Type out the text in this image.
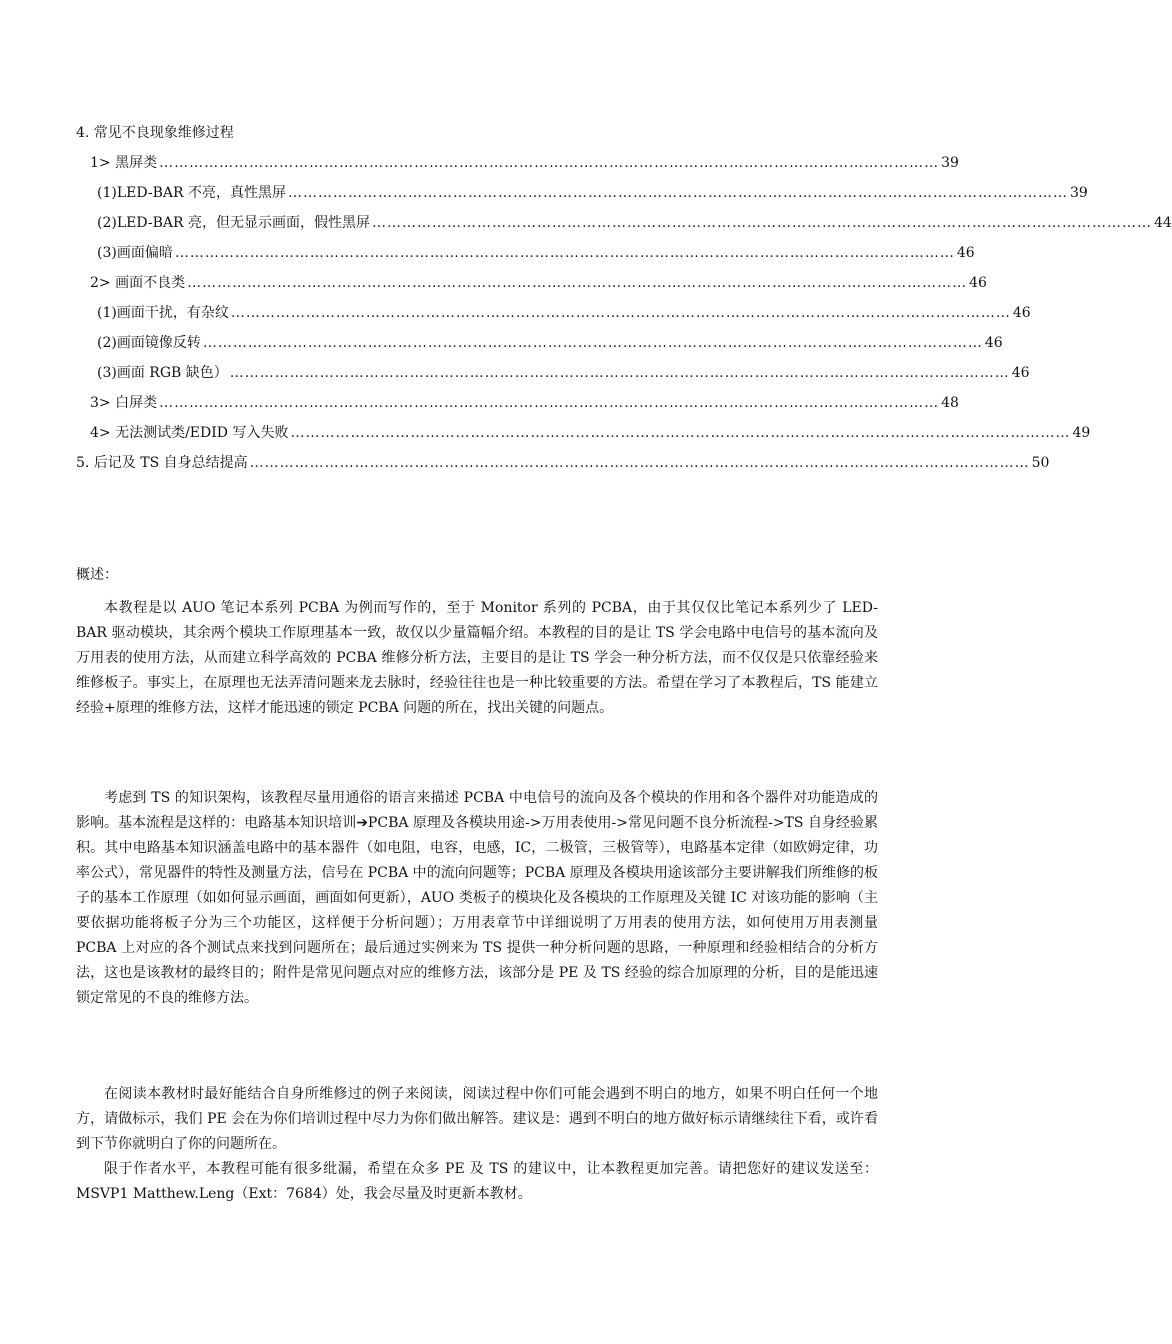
4. 常见不良现象维修过程
1> 黑屏类 ………………………………………………………………………………………………………………………………………… 39
(1)LED-BAR 不亮，真性黑屏 ………………………………………………………………………………………………………………………………………… 39
(2)LED-BAR 亮，但无显示画面，假性黑屏 ………………………………………………………………………………………………………………………………………… 44
(3)画面偏暗 ………………………………………………………………………………………………………………………………………… 46
2> 画面不良类 ………………………………………………………………………………………………………………………………………… 46
(1)画面干扰，有杂纹 ………………………………………………………………………………………………………………………………………… 46
(2)画面镜像反转 ………………………………………………………………………………………………………………………………………… 46
(3)画面 RGB 缺色） ………………………………………………………………………………………………………………………………………… 46
3> 白屏类 ………………………………………………………………………………………………………………………………………… 48
4> 无法测试类/EDID 写入失败 ………………………………………………………………………………………………………………………………………… 49
5. 后记及 TS 自身总结提高 ………………………………………………………………………………………………………………………………………… 50
概述：

本教程是以 AUO 笔记本系列 PCBA 为例而写作的，至于 Monitor 系列的 PCBA，由于其仅仅比笔记本系列少了 LED-BAR 驱动模块，其余两个模块工作原理基本一致，故仅以少量篇幅介绍。本教程的目的是让 TS 学会电路中电信号的基本流向及万用表的使用方法，从而建立科学高效的 PCBA 维修分析方法，主要目的是让 TS 学会一种分析方法，而不仅仅是只依靠经验来维修板子。事实上，在原理也无法弄清问题来龙去脉时，经验往往也是一种比较重要的方法。希望在学习了本教程后，TS 能建立经验+原理的维修方法，这样才能迅速的锁定 PCBA 问题的所在，找出关键的问题点。

考虑到 TS 的知识架构，该教程尽量用通俗的语言来描述 PCBA 中电信号的流向及各个模块的作用和各个器件对功能造成的影响。基本流程是这样的：电路基本知识培训➔PCBA 原理及各模块用途->万用表使用->常见问题不良分析流程->TS 自身经验累积。其中电路基本知识涵盖电路中的基本器件（如电阻，电容，电感，IC，二极管，三极管等），电路基本定律（如欧姆定律，功率公式），常见器件的特性及测量方法，信号在 PCBA 中的流向问题等；PCBA 原理及各模块用途该部分主要讲解我们所维修的板子的基本工作原理（如如何显示画面，画面如何更新），AUO 类板子的模块化及各模块的工作原理及关键 IC 对该功能的影响（主要依据功能将板子分为三个功能区，这样便于分析问题）；万用表章节中详细说明了万用表的使用方法，如何使用万用表测量 PCBA 上对应的各个测试点来找到问题所在；最后通过实例来为 TS 提供一种分析问题的思路，一种原理和经验相结合的分析方法，这也是该教材的最终目的；附件是常见问题点对应的维修方法，该部分是 PE 及 TS 经验的综合加原理的分析，目的是能迅速锁定常见的不良的维修方法。

在阅读本教材时最好能结合自身所维修过的例子来阅读，阅读过程中你们可能会遇到不明白的地方，如果不明白任何一个地方，请做标示，我们 PE 会在为你们培训过程中尽力为你们做出解答。建议是：遇到不明白的地方做好标示请继续往下看，或许看到下节你就明白了你的问题所在。

限于作者水平，本教程可能有很多纰漏，希望在众多 PE 及 TS 的建议中，让本教程更加完善。请把您好的建议发送至：MSVP1 Matthew.Leng（Ext：7684）处，我会尽量及时更新本教材。
